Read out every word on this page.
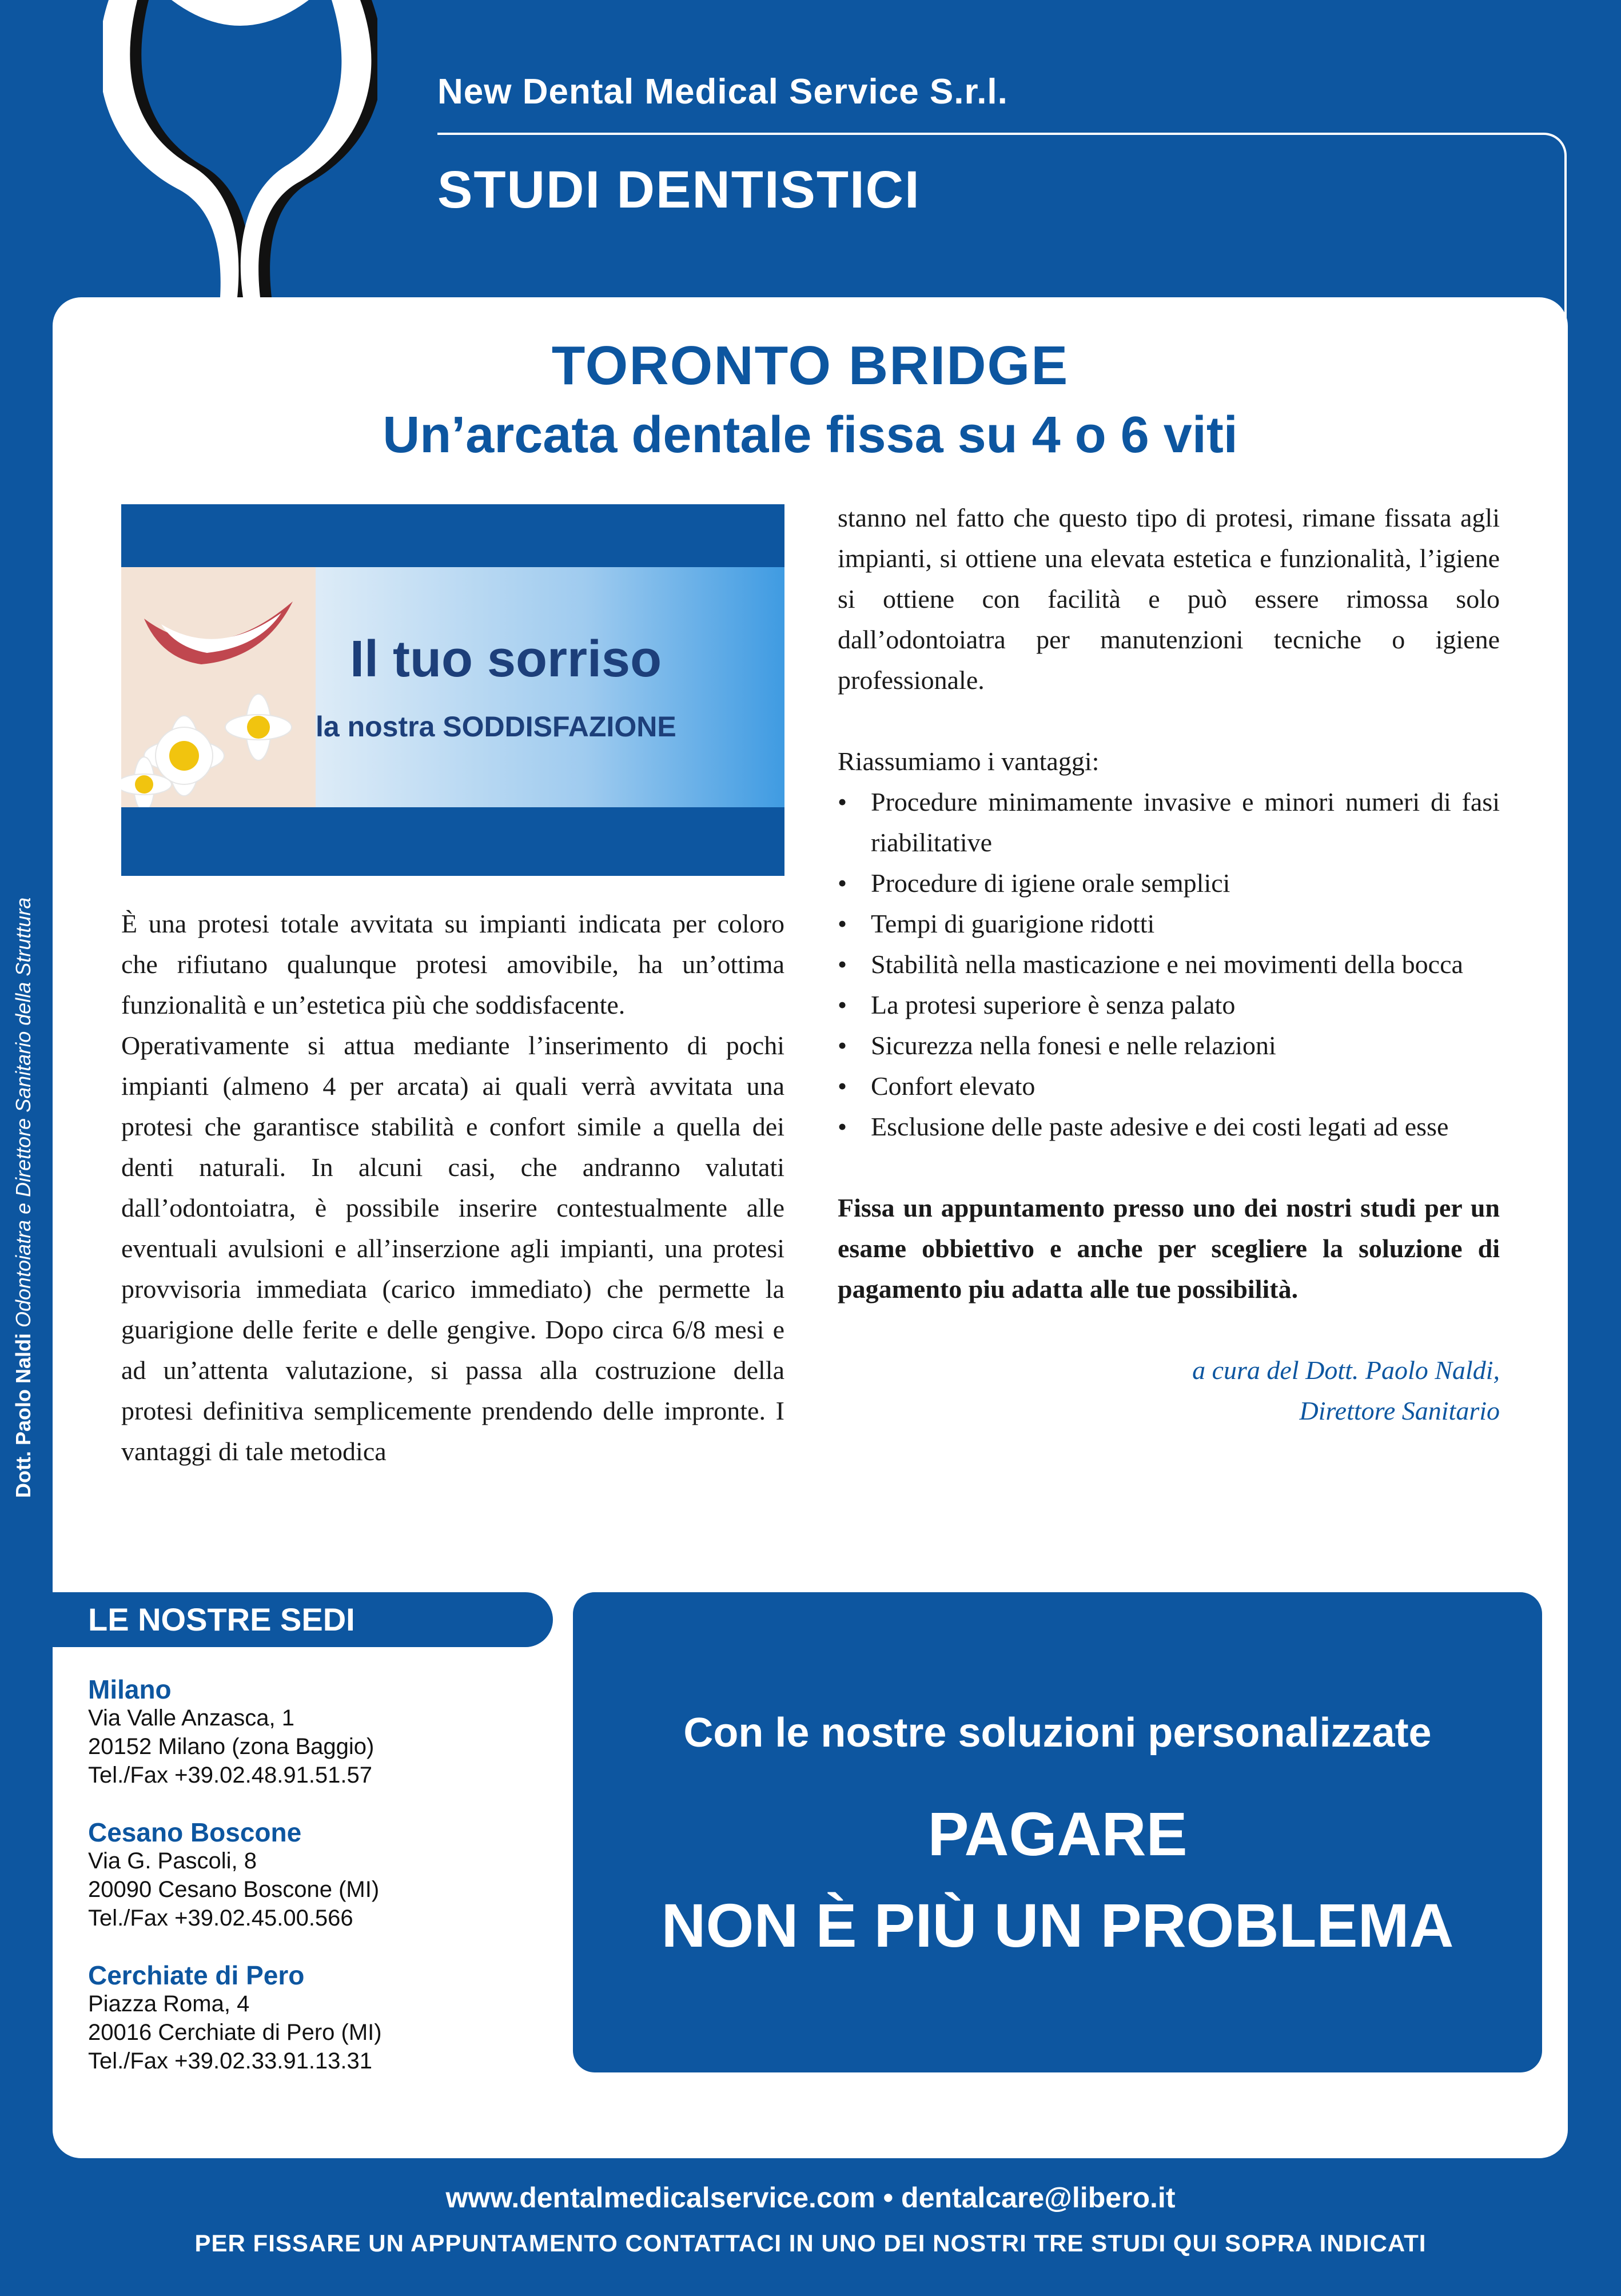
New Dental Medical Service S.r.l.
STUDI DENTISTICI
Dott. Paolo Naldi Odontoiatra e Direttore Sanitario della Struttura
TORONTO BRIDGE
Un’arcata dentale fissa su 4 o 6 viti
Il tuo sorriso
la nostra SODDISFAZIONE

È una protesi totale avvitata su impianti indicata per coloro che rifiutano qualunque protesi amovibile, ha un’ottima funzionalità e un’estetica più che soddisfacente.

Operativamente si attua mediante l’inserimento di pochi impianti (almeno 4 per arcata) ai quali verrà avvitata una protesi che garantisce stabilità e confort simile a quella dei denti naturali. In alcuni casi, che andranno valutati dall’odontoiatra, è possibile inserire contestualmente alle eventuali avulsioni e all’inserzione agli impianti, una protesi provvisoria immediata (carico immediato) che permette la guarigione delle ferite e delle gengive. Dopo circa 6/8 mesi e ad un’attenta valutazione, si passa alla costruzione della protesi definitiva semplicemente prendendo delle impronte. I vantaggi di tale metodica

stanno nel fatto che questo tipo di protesi, rimane fissata agli impianti, si ottiene una elevata estetica e funzionalità, l’igiene si ottiene con facilità e può essere rimossa solo dall’odontoiatra per manutenzioni tecniche o igiene professionale.

Riassumiamo i vantaggi:

• Procedure minimamente invasive e minori numeri di fasi riabilitative
• Procedure di igiene orale semplici
• Tempi di guarigione ridotti
• Stabilità nella masticazione e nei movimenti della bocca
• La protesi superiore è senza palato
• Sicurezza nella fonesi e nelle relazioni
• Confort elevato
• Esclusione delle paste adesive e dei costi legati ad esse

Fissa un appuntamento presso uno dei nostri studi per un esame obbiettivo e anche per scegliere la soluzione di pagamento piu adatta alle tue possibilità.

a cura del Dott. Paolo Naldi,

Direttore Sanitario

LE NOSTRE SEDI
Milano
Via Valle Anzasca, 1
20152 Milano (zona Baggio)
Tel./Fax +39.02.48.91.51.57
Cesano Boscone
Via G. Pascoli, 8
20090 Cesano Boscone (MI)
Tel./Fax +39.02.45.00.566
Cerchiate di Pero
Piazza Roma, 4
20016 Cerchiate di Pero (MI)
Tel./Fax +39.02.33.91.13.31
Con le nostre soluzioni personalizzate
PAGARE
NON È PIÙ UN PROBLEMA
www.dentalmedicalservice.com • dentalcare@libero.it
PER FISSARE UN APPUNTAMENTO CONTATTACI IN UNO DEI NOSTRI TRE STUDI QUI SOPRA INDICATI
